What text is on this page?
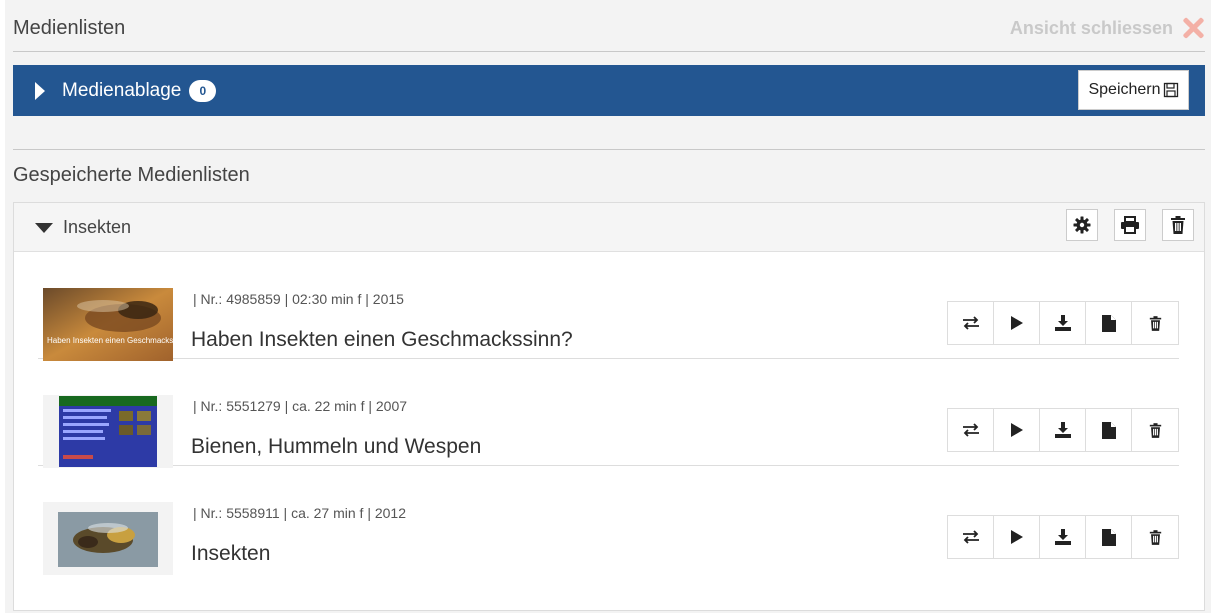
Medienlisten	Ansicht schliessen
Medienablage	0	Speichern
Gespeicherte Medienlisten
Insekten
Haben Insekten einen Geschmackssinn ?
| Nr.: 4985859 | 02:30 min f | 2015
Haben Insekten einen Geschmackssinn?
| Nr.: 5551279 | ca. 22 min f | 2007
Bienen, Hummeln und Wespen
| Nr.: 5558911 | ca. 27 min f | 2012
Insekten
